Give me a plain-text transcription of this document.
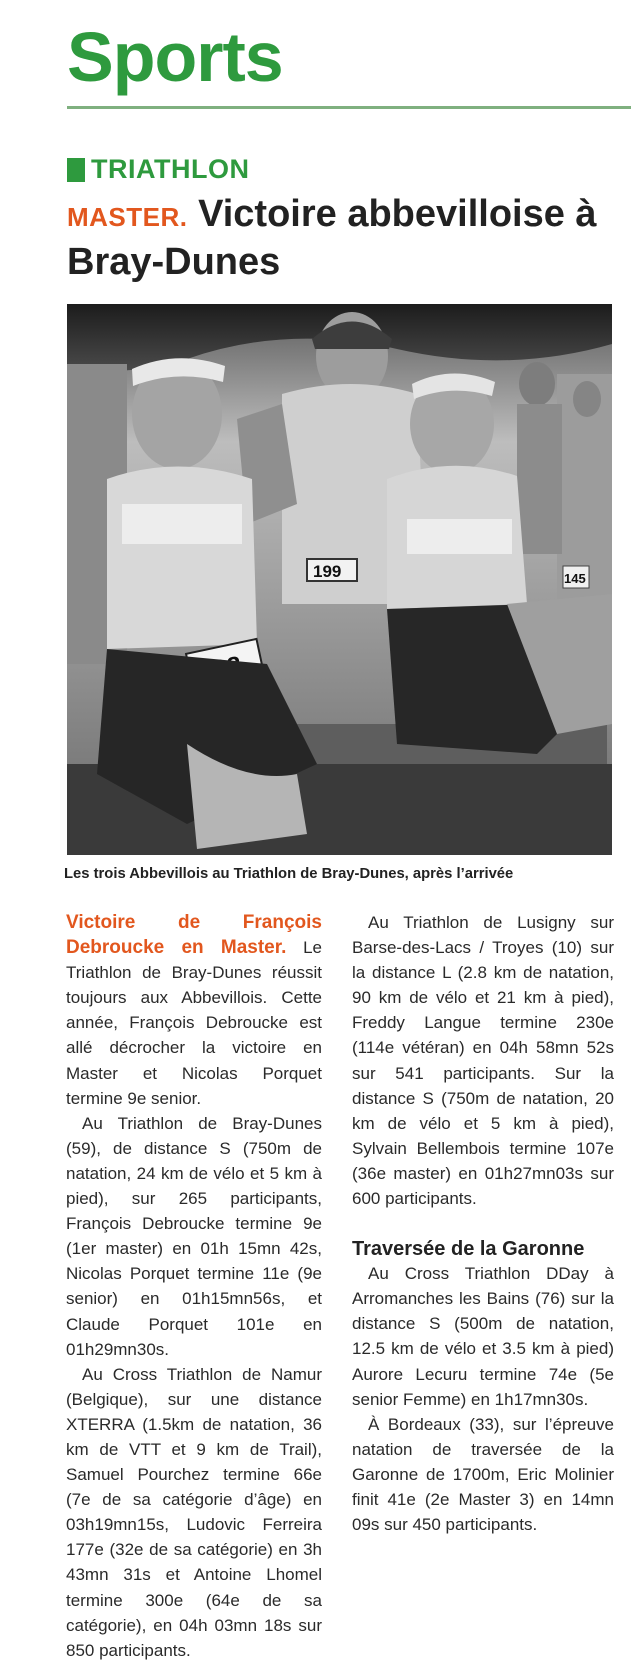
Sports
TRIATHLON
MASTER. Victoire abbevilloise à Bray-Dunes
199	145
Les trois Abbevillois au Triathlon de Bray-Dunes, après l’arrivée

Victoire de François Debroucke en Master. Le Triathlon de Bray-Dunes réussit toujours aux Abbevillois. Cette année, François Debroucke est allé décrocher la victoire en Master et Nicolas Porquet termine 9e senior.

Au Triathlon de Bray-Dunes (59), de distance S (750m de natation, 24 km de vélo et 5 km à pied), sur 265 participants, François Debroucke termine 9e (1er master) en 01h 15mn 42s, Nicolas Porquet termine 11e (9e senior) en 01h15mn56s, et Claude Porquet 101e en 01h29mn30s.

Au Cross Triathlon de Namur (Belgique), sur une distance XTERRA (1.5km de natation, 36 km de VTT et 9 km de Trail), Samuel Pourchez termine 66e (7e de sa catégorie d’âge) en 03h19mn15s, Ludovic Ferreira 177e (32e de sa catégorie) en 3h 43mn 31s et Antoine Lhomel termine 300e (64e de sa catégorie), en 04h 03mn 18s sur 850 participants.

Au Triathlon de Lusigny sur Barse-des-Lacs / Troyes (10) sur la distance L (2.8 km de natation, 90 km de vélo et 21 km à pied), Freddy Langue termine 230e (114e vétéran) en 04h 58mn 52s sur 541 participants. Sur la distance S (750m de natation, 20 km de vélo et 5 km à pied), Sylvain Bellembois termine 107e (36e master) en 01h27mn03s sur 600 participants.

Traversée de la Garonne

Au Cross Triathlon DDay à Arromanches les Bains (76) sur la distance S (500m de natation, 12.5 km de vélo et 3.5 km à pied) Aurore Lecuru termine 74e (5e senior Femme) en 1h17mn30s.

À Bordeaux (33), sur l’épreuve natation de traversée de la Garonne de 1700m, Eric Molinier finit 41e (2e Master 3) en 14mn 09s sur 450 participants.
